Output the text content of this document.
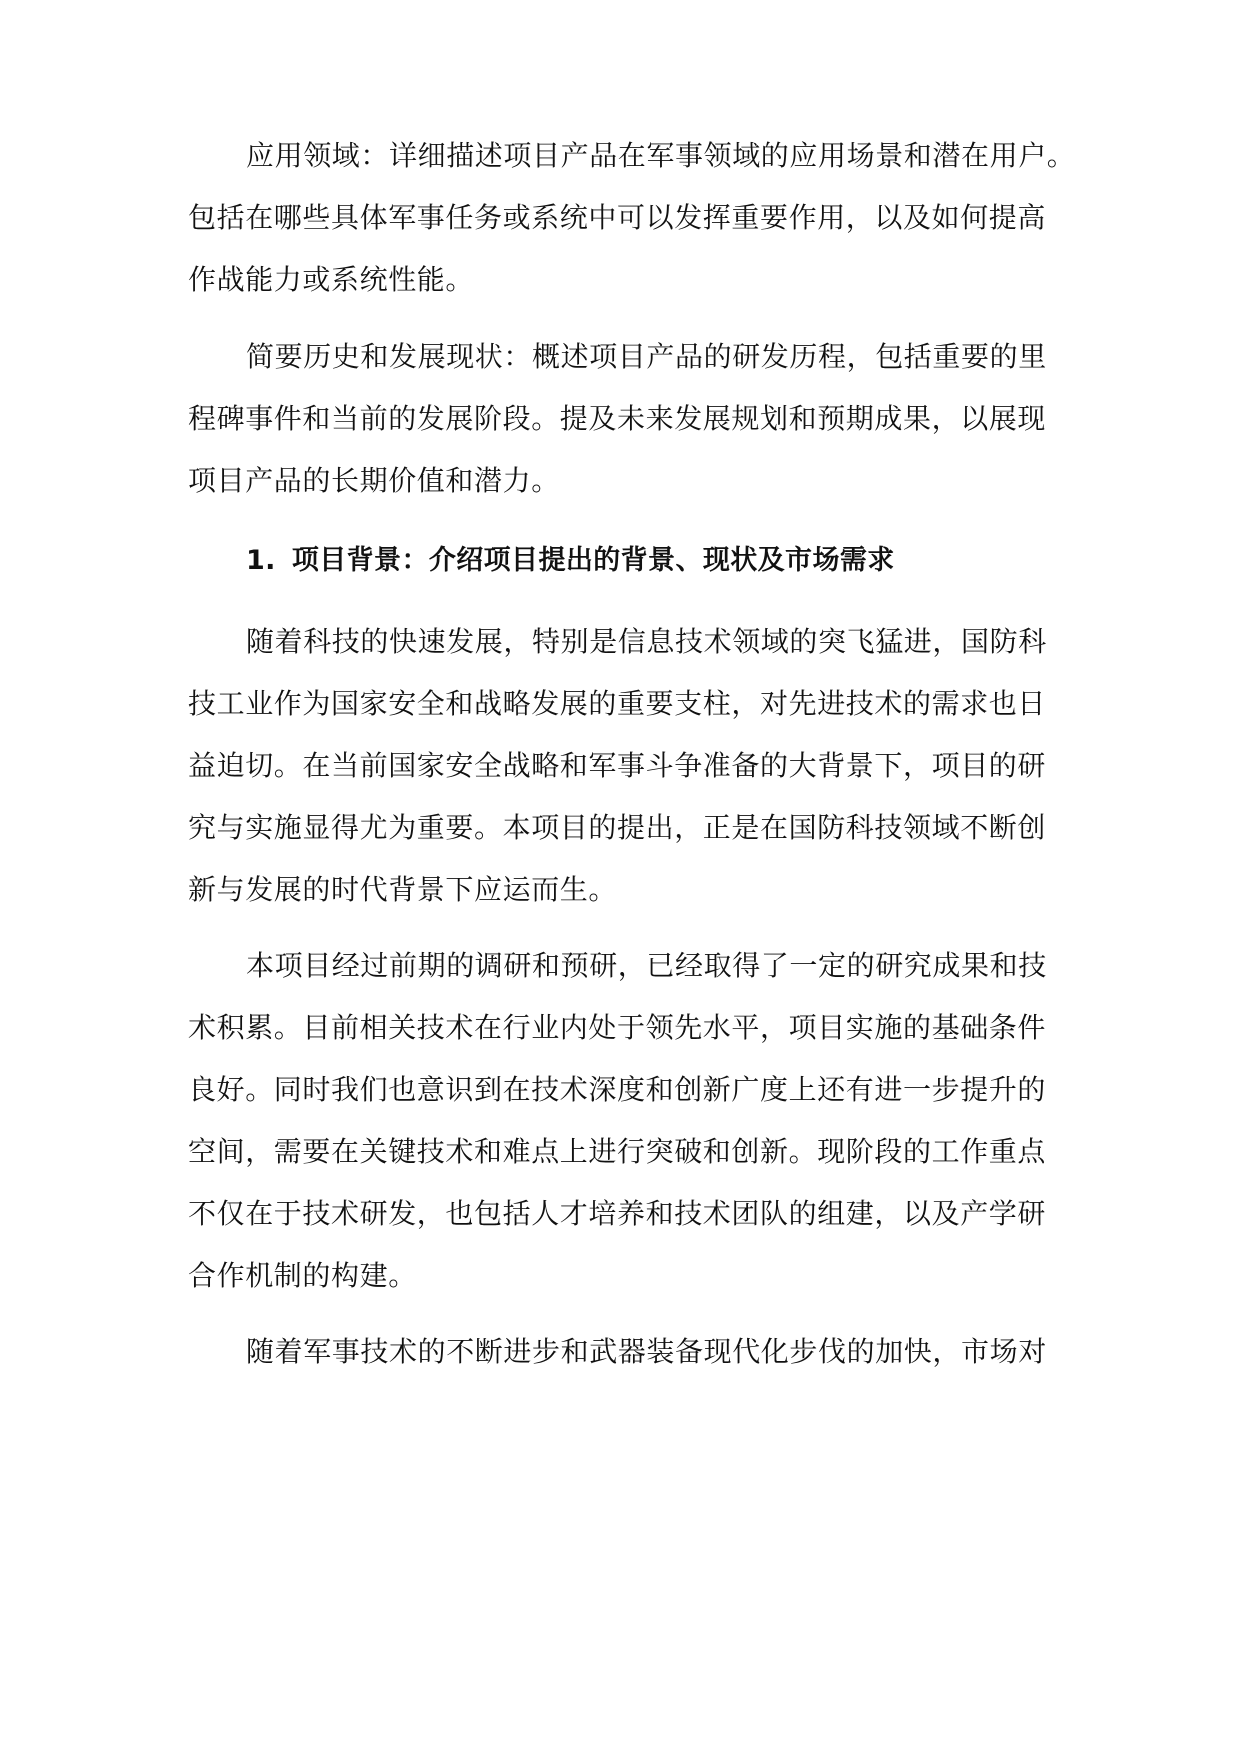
应用领域：详细描述项目产品在军事领域的应用场景和潜在用户。
包括在哪些具体军事任务或系统中可以发挥重要作用，以及如何提高
作战能力或系统性能。
简要历史和发展现状：概述项目产品的研发历程，包括重要的里
程碑事件和当前的发展阶段。提及未来发展规划和预期成果，以展现
项目产品的长期价值和潜力。
1. 项目背景：介绍项目提出的背景、现状及市场需求
随着科技的快速发展，特别是信息技术领域的突飞猛进，国防科
技工业作为国家安全和战略发展的重要支柱，对先进技术的需求也日
益迫切。在当前国家安全战略和军事斗争准备的大背景下，项目的研
究与实施显得尤为重要。本项目的提出，正是在国防科技领域不断创
新与发展的时代背景下应运而生。
本项目经过前期的调研和预研，已经取得了一定的研究成果和技
术积累。目前相关技术在行业内处于领先水平，项目实施的基础条件
良好。同时我们也意识到在技术深度和创新广度上还有进一步提升的
空间，需要在关键技术和难点上进行突破和创新。现阶段的工作重点
不仅在于技术研发，也包括人才培养和技术团队的组建，以及产学研
合作机制的构建。
随着军事技术的不断进步和武器装备现代化步伐的加快，市场对
